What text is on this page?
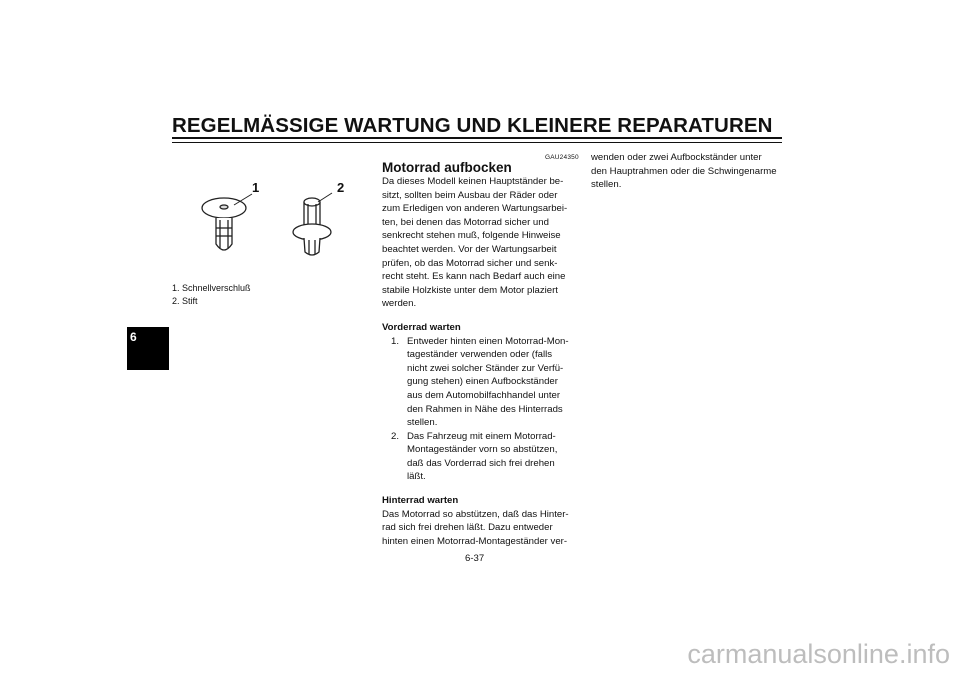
REGELMÄSSIGE WARTUNG UND KLEINERE REPARATUREN
6
1	2
1. Schnellverschluß
2. Stift
GAU24350
Motorrad aufbocken
Da dieses Modell keinen Hauptständer be-
sitzt, sollten beim Ausbau der Räder oder
zum Erledigen von anderen Wartungsarbei-
ten, bei denen das Motorrad sicher und
senkrecht stehen muß, folgende Hinweise
beachtet werden. Vor der Wartungsarbeit
prüfen, ob das Motorrad sicher und senk-
recht steht. Es kann nach Bedarf auch eine
stabile Holzkiste unter dem Motor plaziert
werden.
Vorderrad warten
1. Entweder hinten einen Motorrad-Mon-
tageständer verwenden oder (falls
nicht zwei solcher Ständer zur Verfü-
gung stehen) einen Aufbockständer
aus dem Automobilfachhandel unter
den Rahmen in Nähe des Hinterrads
stellen.
2. Das Fahrzeug mit einem Motorrad-
Montageständer vorn so abstützen,
daß das Vorderrad sich frei drehen
läßt.
Hinterrad warten
Das Motorrad so abstützen, daß das Hinter-
rad sich frei drehen läßt. Dazu entweder
hinten einen Motorrad-Montageständer ver-
wenden oder zwei Aufbockständer unter
den Hauptrahmen oder die Schwingenarme
stellen.
6-37
carmanualsonline.info
